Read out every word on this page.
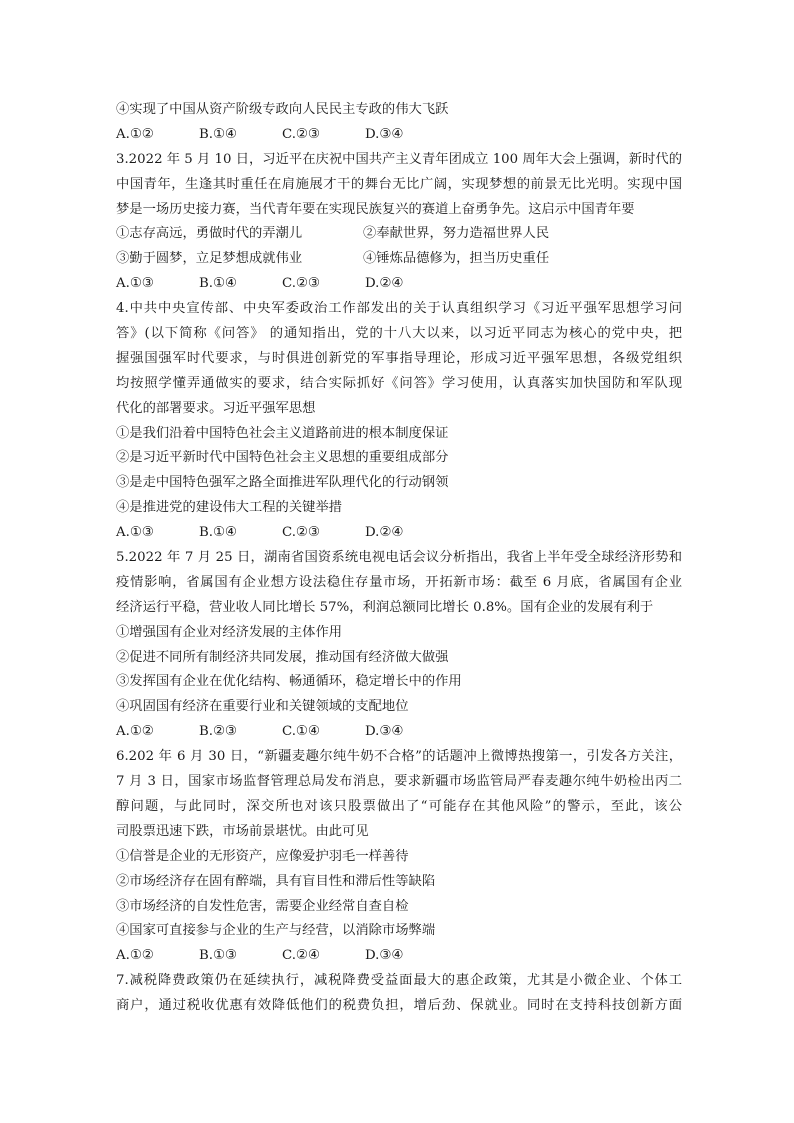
④实现了中国从资产阶级专政向人民民主专政的伟大飞跃
A.①②	B.①④	C.②③	D.③④
3.2022 年 5 月 10 日，习近平在庆祝中国共产主义青年团成立 100 周年大会上强调，新时代的
中国青年，生逢其时重任在肩施展才干的舞台无比广阔，实现梦想的前景无比光明。实现中国
梦是一场历史接力赛，当代青年要在实现民族复兴的赛道上奋勇争先。这启示中国青年要
①志存高远，勇做时代的弄潮儿	②奉献世界，努力造福世界人民
③勤于圆梦，立足梦想成就伟业	④锤炼品德修为，担当历史重任
A.①③	B.①④	C.②③	D.②④
4.中共中央宣传部、中央军委政治工作部发出的关于认真组织学习《习近平强军思想学习问
答》(以下简称《问答》 的通知指出，党的十八大以来，以习近平同志为核心的党中央，把
握强国强军时代要求，与时俱进创新党的军事指导理论，形成习近平强军思想，各级党组织
均按照学懂弄通做实的要求，结合实际抓好《问答》学习使用，认真落实加快国防和军队现
代化的部署要求。习近平强军思想
①是我们沿着中国特色社会主义道路前进的根本制度保证
②是习近平新时代中国特色社会主义思想的重要组成部分
③是走中国特色强军之路全面推进军队理代化的行动钢领
④是推进党的建设伟大工程的关键举措
A.①③	B.①④	C.②③	D.②④
5.2022 年 7 月 25 日，湖南省国资系统电视电话会议分析指出，我省上半年受全球经济形势和
疫情影响，省属国有企业想方设法稳住存量市场，开拓新市场：截至 6 月底，省属国有企业
经济运行平稳，营业收人同比增长 57%，利润总额同比增长 0.8%。国有企业的发展有利于
①增强国有企业对经济发展的主体作用
②促进不同所有制经济共同发展，推动国有经济做大做强
③发挥国有企业在优化结构、畅通循环，稳定增长中的作用
④巩固国有经济在重要行业和关键领域的支配地位
A.①②	B.②③	C.①④	D.③④
6.202 年 6 月 30 日，“新疆麦趣尔纯牛奶不合格”的话题冲上微博热搜第一，引发各方关注，
7 月 3 日，国家市场监督管理总局发布消息，要求新疆市场监管局严春麦趣尔纯牛奶检出丙二
醇问题，与此同时，深交所也对该只股票做出了“可能存在其他风险”的警示，至此，该公
司股票迅速下跌，市场前景堪忧。由此可见
①信誉是企业的无形资产，应像爱护羽毛一样善待
②市场经济存在固有醉端，具有盲目性和滞后性等缺陷
③市场经济的自发性危害，需要企业经常自查自检
④国家可直接参与企业的生产与经营，以消除市场弊端
A.①②	B.①③	C.②④	D.③④
7.减税降费政策仍在延续执行，减税降费受益面最大的惠企政策，尤其是小微企业、个体工
商户，通过税收优惠有效降低他们的税费负担，增后劲、保就业。同时在支持科技创新方面
